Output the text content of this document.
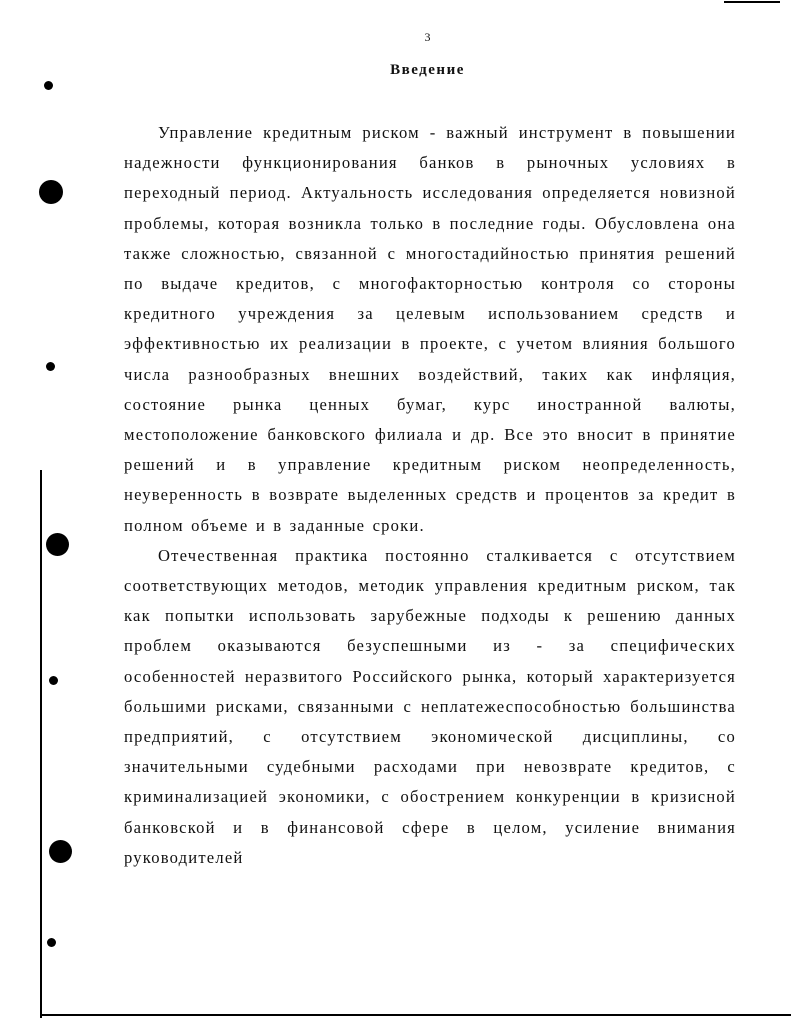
3
Введение

Управление кредитным риском - важный инструмент в повышении надежности функционирования банков в рыночных условиях в переходный период. Актуальность исследования определяется новизной проблемы, которая возникла только в последние годы. Обусловлена она также сложностью, связанной с многостадийностью принятия решений по выдаче кредитов, с многофакторностью контроля со стороны кредитного учреждения за целевым использованием средств и эффективностью их реализации в проекте, с учетом влияния большого числа разнообразных внешних воздействий, таких как инфляция, состояние рынка ценных бумаг, курс иностранной валюты, местоположение банковского филиала и др. Все это вносит в принятие решений и в управление кредитным риском неопределенность, неуверенность в возврате выделенных средств и процентов за кредит в полном объеме и в заданные сроки.

Отечественная практика постоянно сталкивается с отсутствием соответствующих методов, методик управления кредитным риском, так как попытки использовать зарубежные подходы к решению данных проблем оказываются безуспешными из - за специфических особенностей неразвитого Российского рынка, который характеризуется большими рисками, связанными с неплатежеспособностью большинства предприятий, с отсутствием экономической дисциплины, со значительными судебными расходами при невозврате кредитов, с криминализацией экономики, с обострением конкуренции в кризисной банковской и в финансовой сфере в целом, усиление внимания руководителей
